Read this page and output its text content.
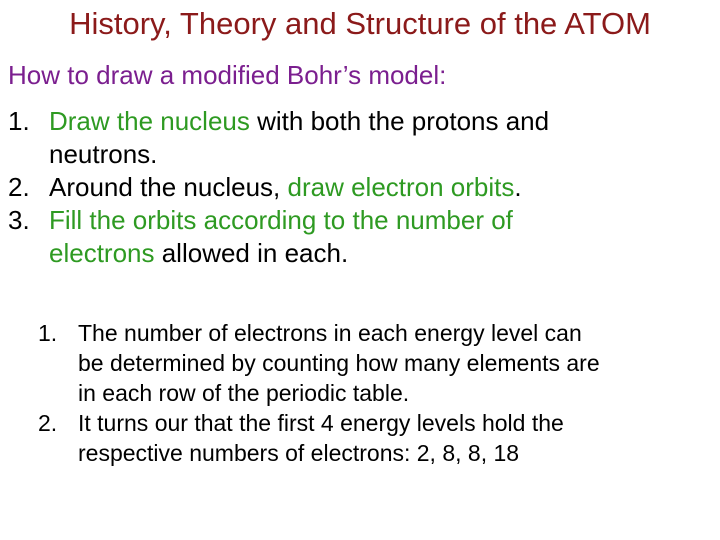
History, Theory and Structure of the ATOM
How to draw a modified Bohr’s model:
1. Draw the nucleus with both the protons and
neutrons.
2. Around the nucleus, draw electron orbits.
3. Fill the orbits according to the number of
electrons allowed in each.
1. The number of electrons in each energy level can
be determined by counting how many elements are
in each row of the periodic table.
2. It turns our that the first 4 energy levels hold the
respective numbers of electrons: 2, 8, 8, 18
